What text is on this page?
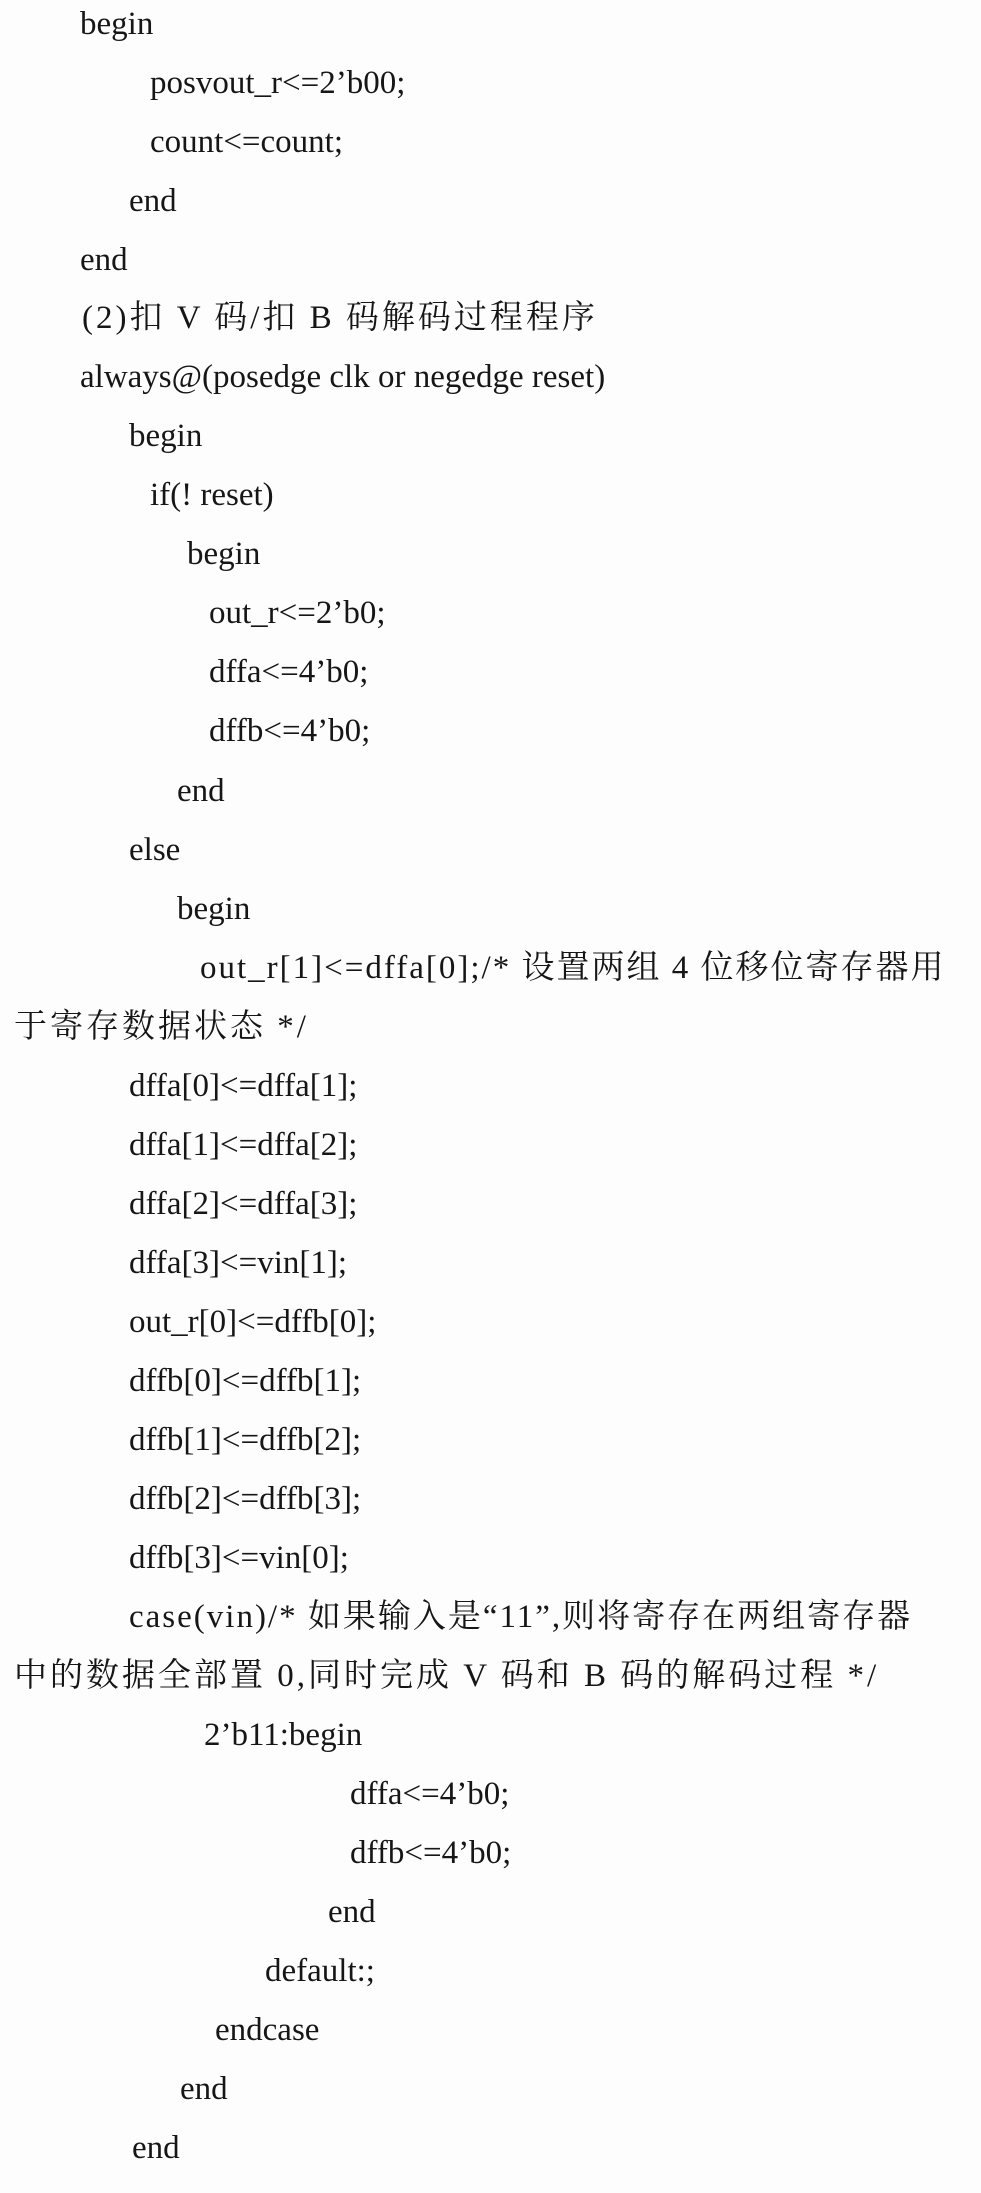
begin
posvout_r<=2’b00;
count<=count;
end
end
(2)扣 V 码/扣 B 码解码过程程序
always@(posedge clk or negedge reset)
begin
if(! reset)
begin
out_r<=2’b0;
dffa<=4’b0;
dffb<=4’b0;
end
else
begin
out_r[1]<=dffa[0];/* 设置两组 4 位移位寄存器用
于寄存数据状态 */
dffa[0]<=dffa[1];
dffa[1]<=dffa[2];
dffa[2]<=dffa[3];
dffa[3]<=vin[1];
out_r[0]<=dffb[0];
dffb[0]<=dffb[1];
dffb[1]<=dffb[2];
dffb[2]<=dffb[3];
dffb[3]<=vin[0];
case(vin)/* 如果输入是“11”,则将寄存在两组寄存器
中的数据全部置 0,同时完成 V 码和 B 码的解码过程 */
2’b11:begin
dffa<=4’b0;
dffb<=4’b0;
end
default:;
endcase
end
end
